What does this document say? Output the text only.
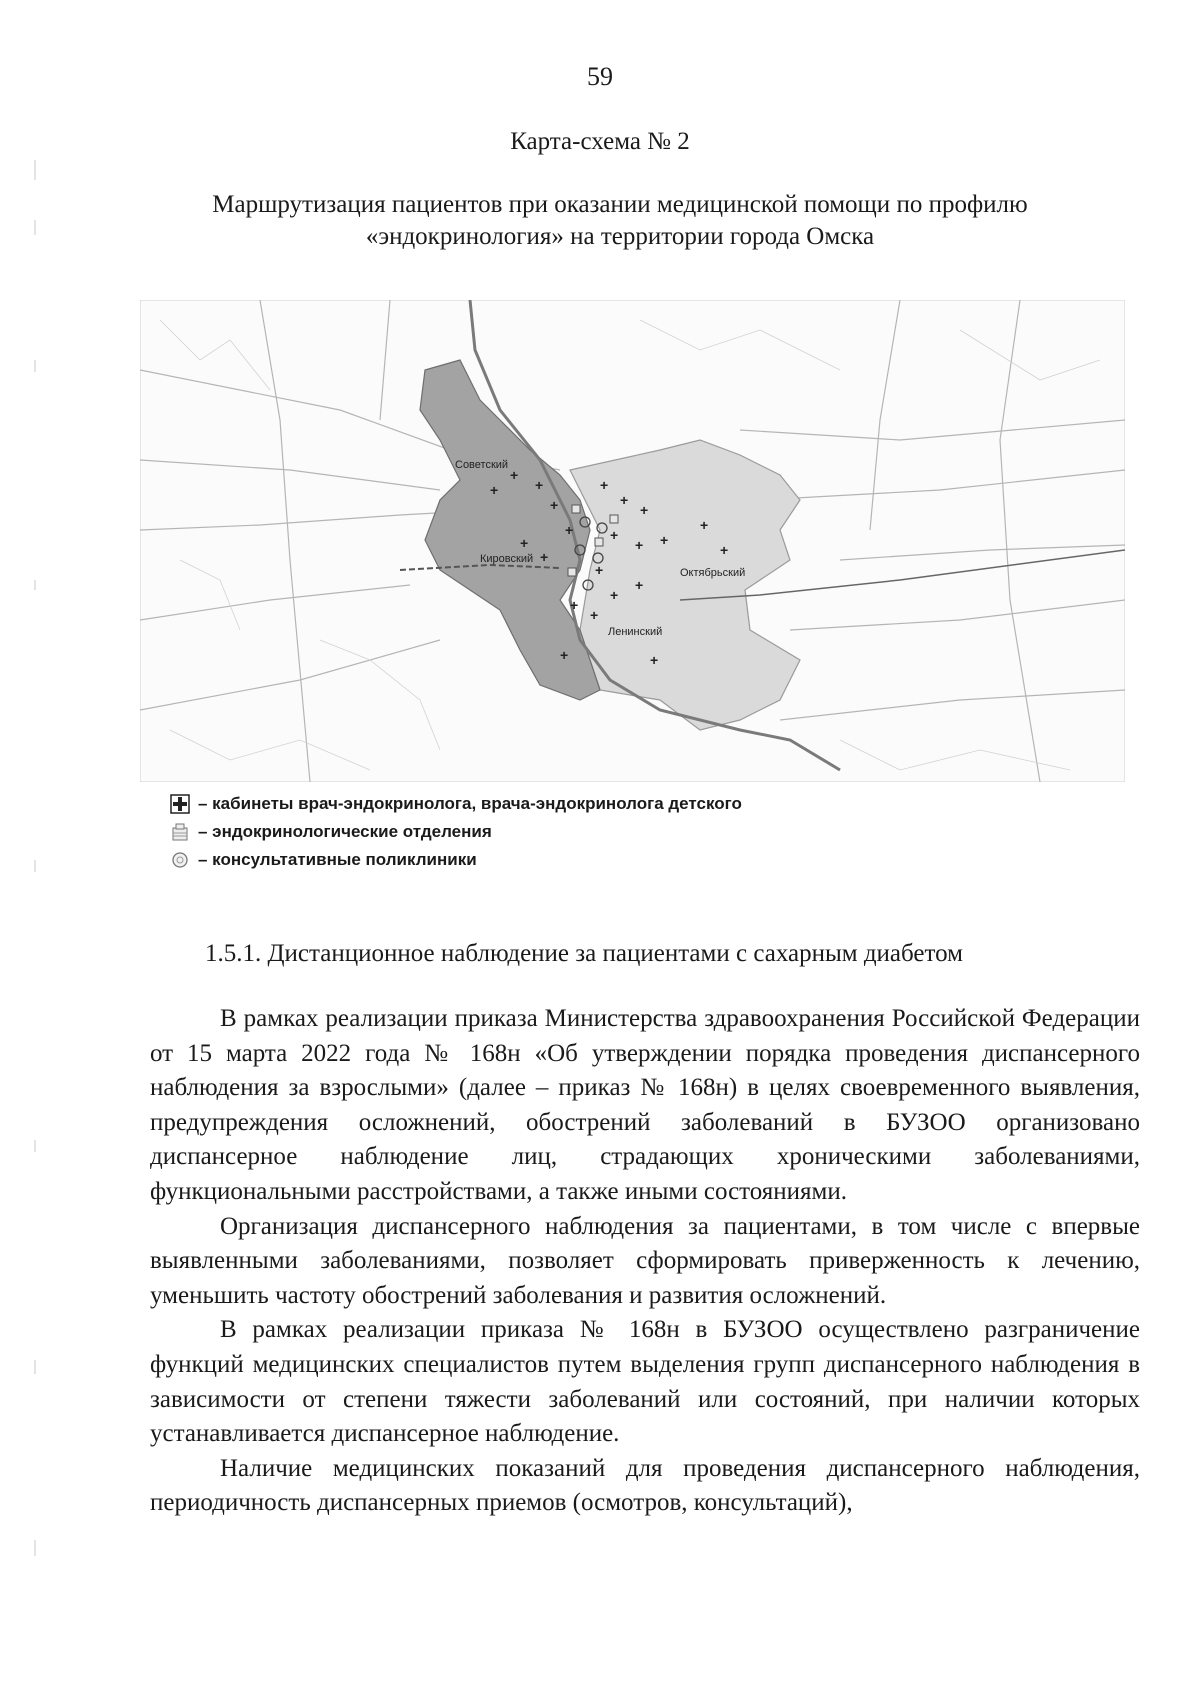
59
Карта-схема № 2
Маршрутизация пациентов при оказании медицинской помощи по профилю
«эндокринология» на территории города Омска
Советский
Кировский
Октябрьский
Ленинский
+
+
+
+
+
+
+
+
+
+
+
+ +
+
+
+
+
+
+
+
+
+
– кабинеты врач-эндокринолога, врача-эндокринолога детского
– эндокринологические отделения
– консультативные поликлиники
1.5.1. Дистанционное наблюдение за пациентами с сахарным диабетом

В рамках реализации приказа Министерства здравоохранения Российской Федерации от 15 марта 2022 года № 168н «Об утверждении порядка проведения диспансерного наблюдения за взрослыми» (далее – приказ № 168н) в целях своевременного выявления, предупреждения осложнений, обострений заболеваний в БУЗОО организовано диспансерное наблюдение лиц, страдающих хроническими заболеваниями, функциональными расстройствами, а также иными состояниями.

Организация диспансерного наблюдения за пациентами, в том числе с впервые выявленными заболеваниями, позволяет сформировать приверженность к лечению, уменьшить частоту обострений заболевания и развития осложнений.

В рамках реализации приказа № 168н в БУЗОО осуществлено разграничение функций медицинских специалистов путем выделения групп диспансерного наблюдения в зависимости от степени тяжести заболеваний или состояний, при наличии которых устанавливается диспансерное наблюдение.

Наличие медицинских показаний для проведения диспансерного наблюдения, периодичность диспансерных приемов (осмотров, консультаций),
